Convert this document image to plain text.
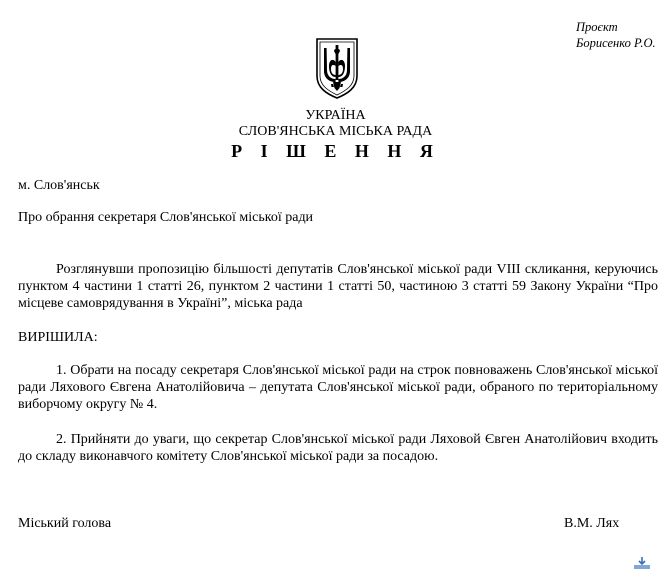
Проєкт
Борисенко Р.О.
УКРАЇНА
СЛОВ'ЯНСЬКА МІСЬКА РАДА
Р І Ш Е Н Н Я
м. Слов'янськ
Про обрання секретаря Слов'янської міської ради
Розглянувши пропозицію більшості депутатів Слов'янської міської ради VIII скликання, керуючись пунктом 4 частини 1 статті 26, пунктом 2 частини 1 статті 50, частиною 3 статті 59 Закону України “Про місцеве самоврядування в Україні”, міська рада
ВИРІШИЛА:
1. Обрати на посаду секретаря Слов'янської міської ради на строк повноважень Слов'янської міської ради Ляхового Євгена Анатолійовича – депутата Слов'янської міської ради, обраного по територіальному виборчому округу № 4.
2. Прийняти до уваги, що секретар Слов'янської міської ради Ляховой Євген Анатолійович входить до складу виконавчого комітету Слов'янської міської ради за посадою.
Міський голова	В.М. Лях
